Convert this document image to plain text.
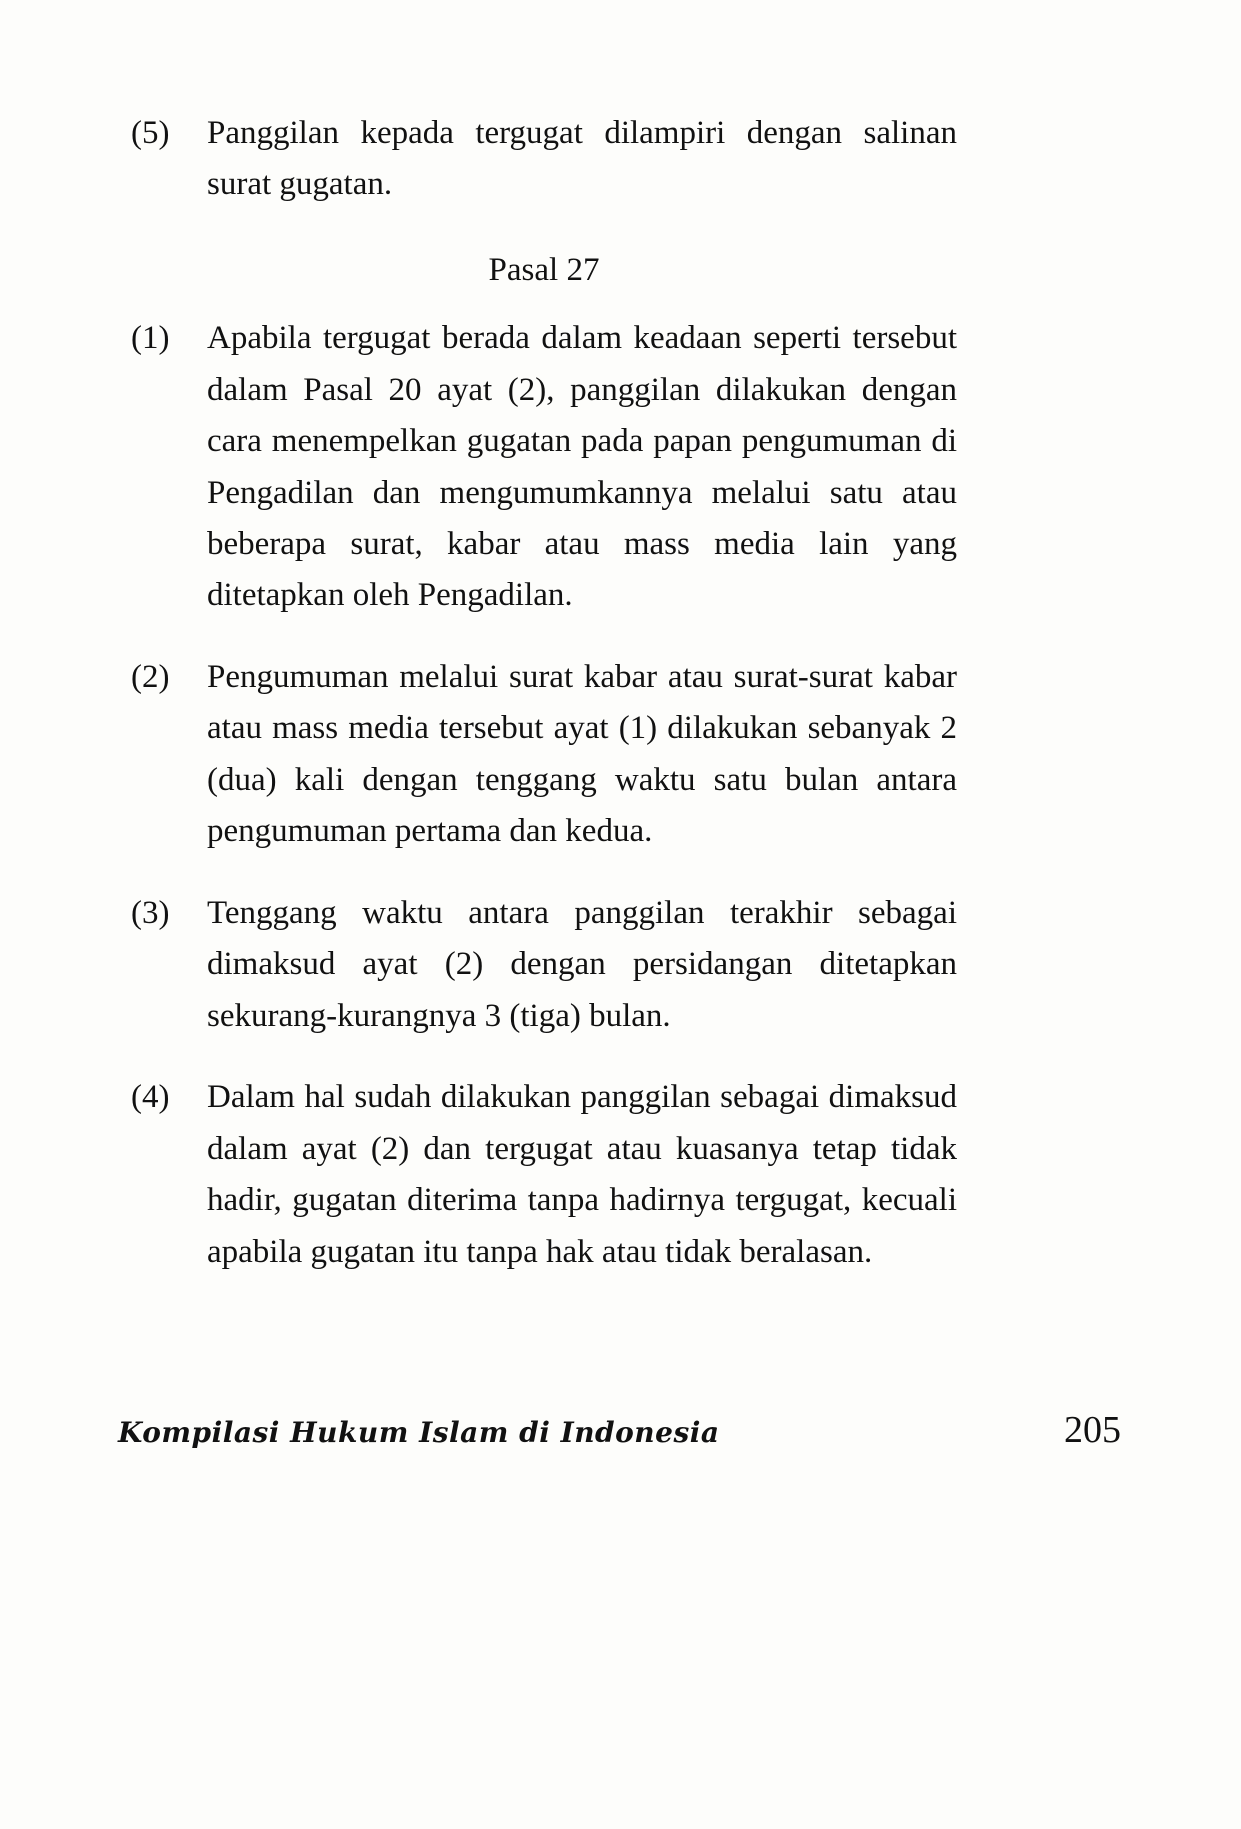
(5)	Panggilan kepada tergugat dilampiri dengan salinan surat gugatan.
Pasal 27
(1)	Apabila tergugat berada dalam keadaan seperti tersebut dalam Pasal 20 ayat (2), panggilan dilakukan dengan cara menempelkan gugatan pada papan pengumuman di Pengadilan dan mengumumkannya melalui satu atau beberapa surat, kabar atau mass media lain yang ditetapkan oleh Pengadilan.
(2)	Pengumuman melalui surat kabar atau surat-surat kabar atau mass media tersebut ayat (1) dilakukan sebanyak 2 (dua) kali dengan tenggang waktu satu bulan antara pengumuman pertama dan kedua.
(3)	Tenggang waktu antara panggilan terakhir sebagai dimaksud ayat (2) dengan persidangan ditetapkan sekurang-kurangnya 3 (tiga) bulan.
(4)	Dalam hal sudah dilakukan panggilan sebagai dimaksud dalam ayat (2) dan tergugat atau kuasanya tetap tidak hadir, gugatan diterima tanpa hadirnya tergugat, kecuali apabila gugatan itu tanpa hak atau tidak beralasan.
Kompilasi Hukum Islam di Indonesia	205
